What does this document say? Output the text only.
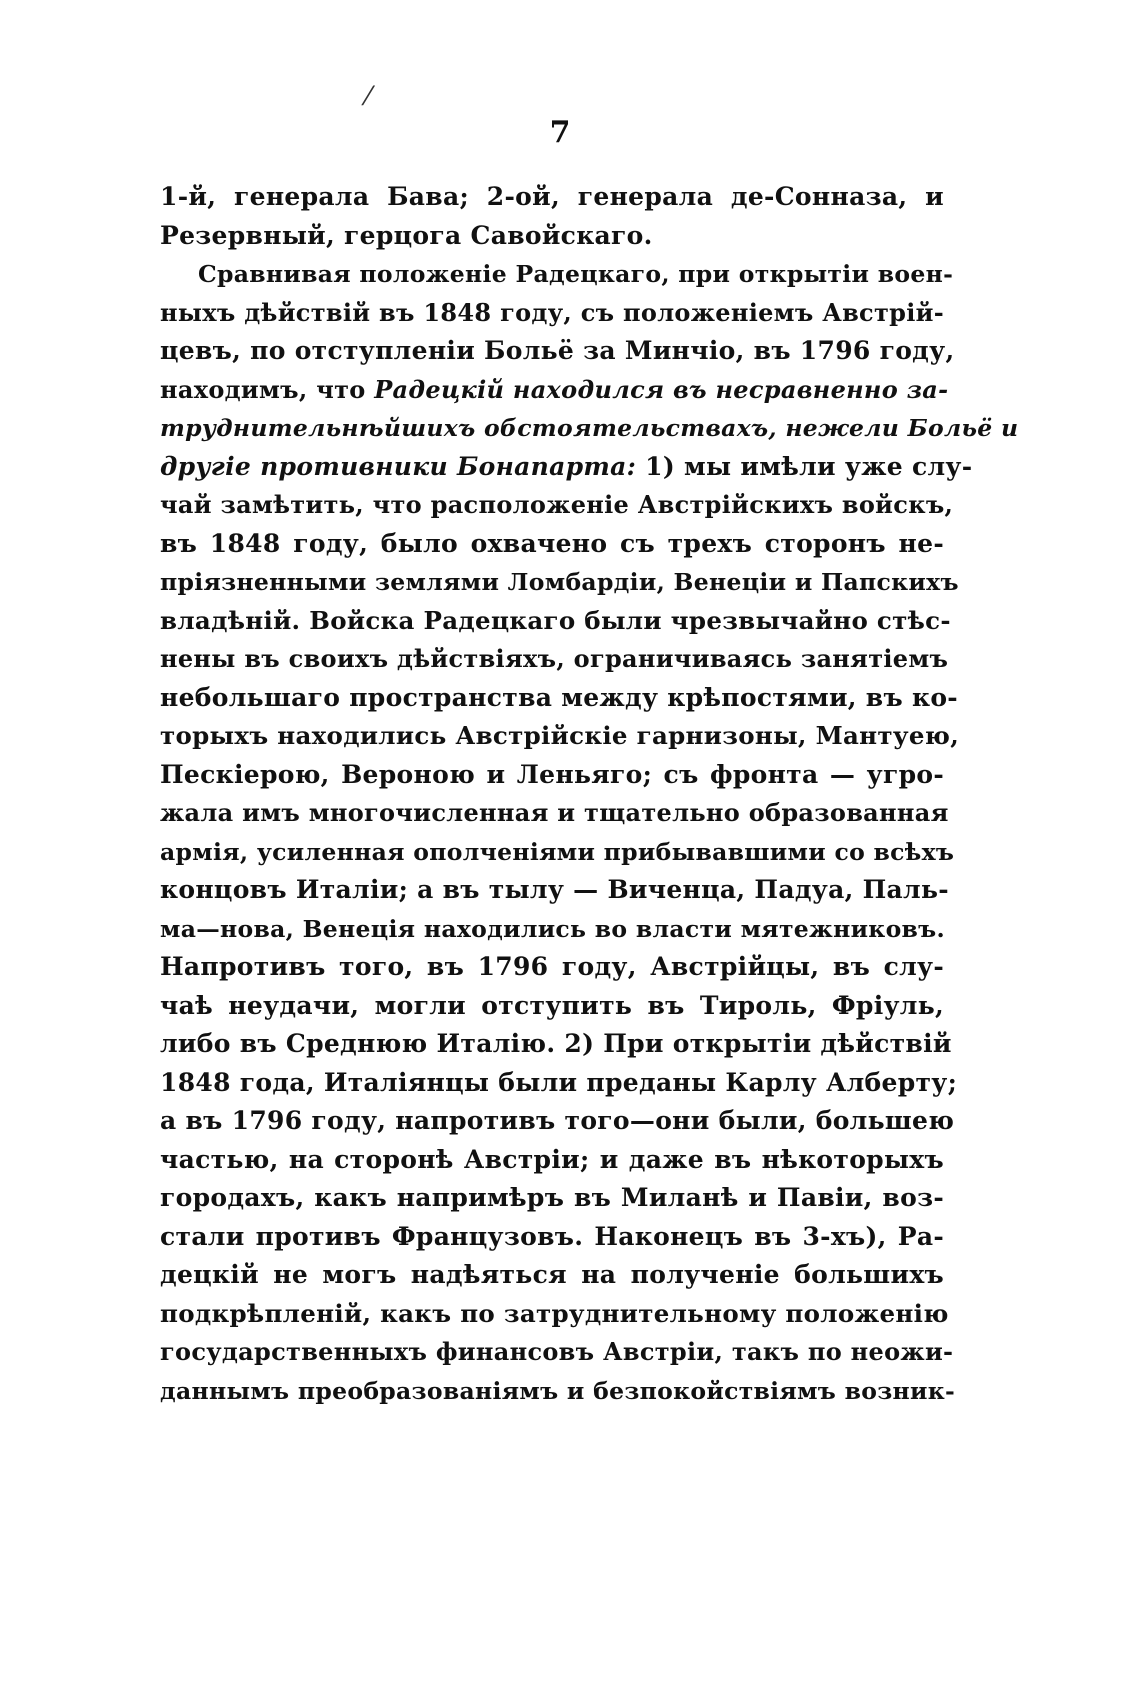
⁄
7
1-й, генерала Бава; 2-ой, генерала де-Сонназа, и
Резервный, герцога Савойскаго.
Сравнивая положеніе Радецкаго, при открытіи воен-
ныхъ дѣйствій въ 1848 году, съ положеніемъ Австрій-
цевъ, по отступленіи Больё за Минчіо, въ 1796 году,
находимъ, что Радецкій находился въ несравненно за-
труднительнѣйшихъ обстоятельствахъ, нежели Больё и
другіе противники Бонапарта: 1) мы имѣли уже слу-
чай замѣтить, что расположеніе Австрійскихъ войскъ,
въ 1848 году, было охвачено съ трехъ сторонъ не-
пріязненными землями Ломбардіи, Венеціи и Папскихъ
владѣній. Войска Радецкаго были чрезвычайно стѣс-
нены въ своихъ дѣйствіяхъ, ограничиваясь занятіемъ
небольшаго пространства между крѣпостями, въ ко-
торыхъ находились Австрійскіе гарнизоны, Мантуею,
Пескіерою, Вероною и Леньяго; съ фронта — угро-
жала имъ многочисленная и тщательно образованная
армія, усиленная ополченіями прибывавшими со всѣхъ
концовъ Италіи; а въ тылу — Виченца, Падуа, Паль-
ма—нова, Венеція находились во власти мятежниковъ.
Напротивъ того, въ 1796 году, Австрійцы, въ слу-
чаѣ неудачи, могли отступить въ Тироль, Фріуль,
либо въ Среднюю Италію. 2) При открытіи дѣйствій
1848 года, Италіянцы были преданы Карлу Алберту;
а въ 1796 году, напротивъ того—они были, большею
частью, на сторонѣ Австріи; и даже въ нѣкоторыхъ
городахъ, какъ напримѣръ въ Миланѣ и Павіи, воз-
стали противъ Французовъ. Наконецъ въ 3-хъ), Ра-
децкій не могъ надѣяться на полученіе большихъ
подкрѣпленій, какъ по затруднительному положенію
государственныхъ финансовъ Австріи, такъ по неожи-
даннымъ преобразованіямъ и безпокойствіямъ возник-
